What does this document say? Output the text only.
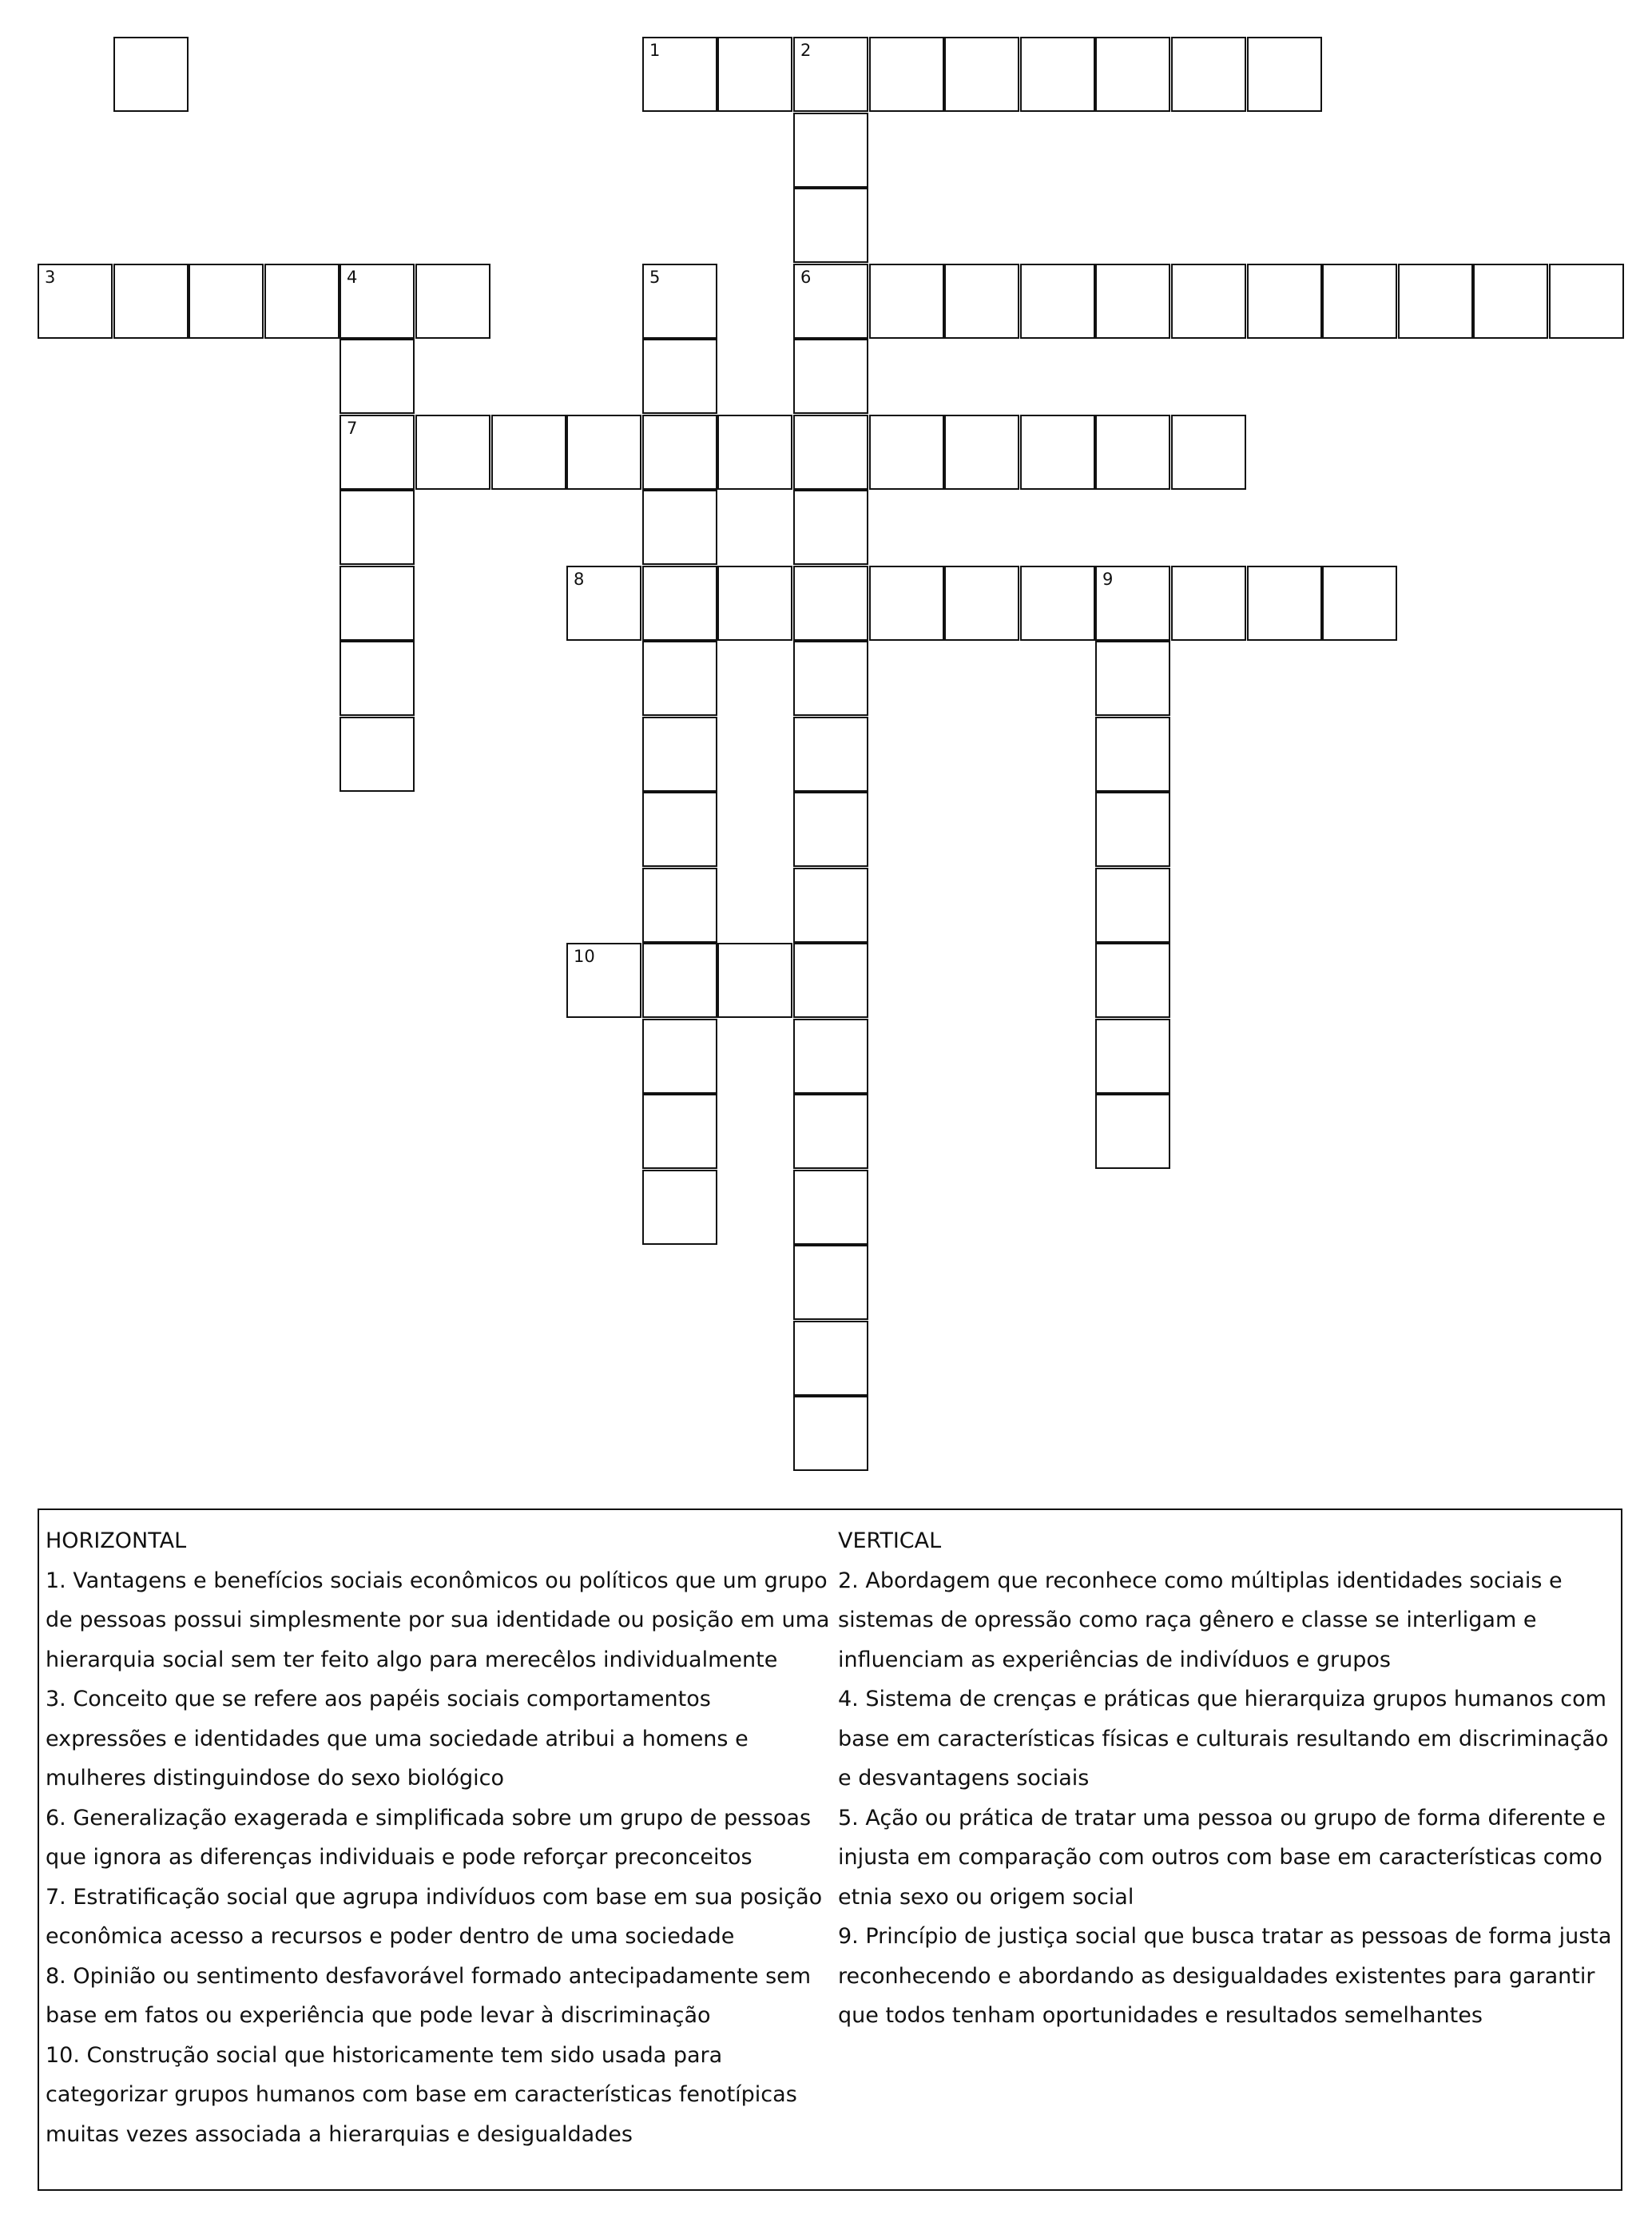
1	2
3	4	5	6
7
8	9
10

HORIZONTAL

1. Vantagens e benefícios sociais econômicos ou políticos que um grupo de pessoas possui simplesmente por sua identidade ou posição em uma hierarquia social sem ter feito algo para merecêlos individualmente

3. Conceito que se refere aos papéis sociais comportamentos expressões e identidades que uma sociedade atribui a homens e mulheres distinguindose do sexo biológico

6. Generalização exagerada e simplificada sobre um grupo de pessoas que ignora as diferenças individuais e pode reforçar preconceitos

7. Estratificação social que agrupa indivíduos com base em sua posição econômica acesso a recursos e poder dentro de uma sociedade

8. Opinião ou sentimento desfavorável formado antecipadamente sem base em fatos ou experiência que pode levar à discriminação

10. Construção social que historicamente tem sido usada para categorizar grupos humanos com base em características fenotípicas muitas vezes associada a hierarquias e desigualdades

VERTICAL

2. Abordagem que reconhece como múltiplas identidades sociais e sistemas de opressão como raça gênero e classe se interligam e influenciam as experiências de indivíduos e grupos

4. Sistema de crenças e práticas que hierarquiza grupos humanos com base em características físicas e culturais resultando em discriminação e desvantagens sociais

5. Ação ou prática de tratar uma pessoa ou grupo de forma diferente e injusta em comparação com outros com base em características como etnia sexo ou origem social

9. Princípio de justiça social que busca tratar as pessoas de forma justa reconhecendo e abordando as desigualdades existentes para garantir que todos tenham oportunidades e resultados semelhantes
